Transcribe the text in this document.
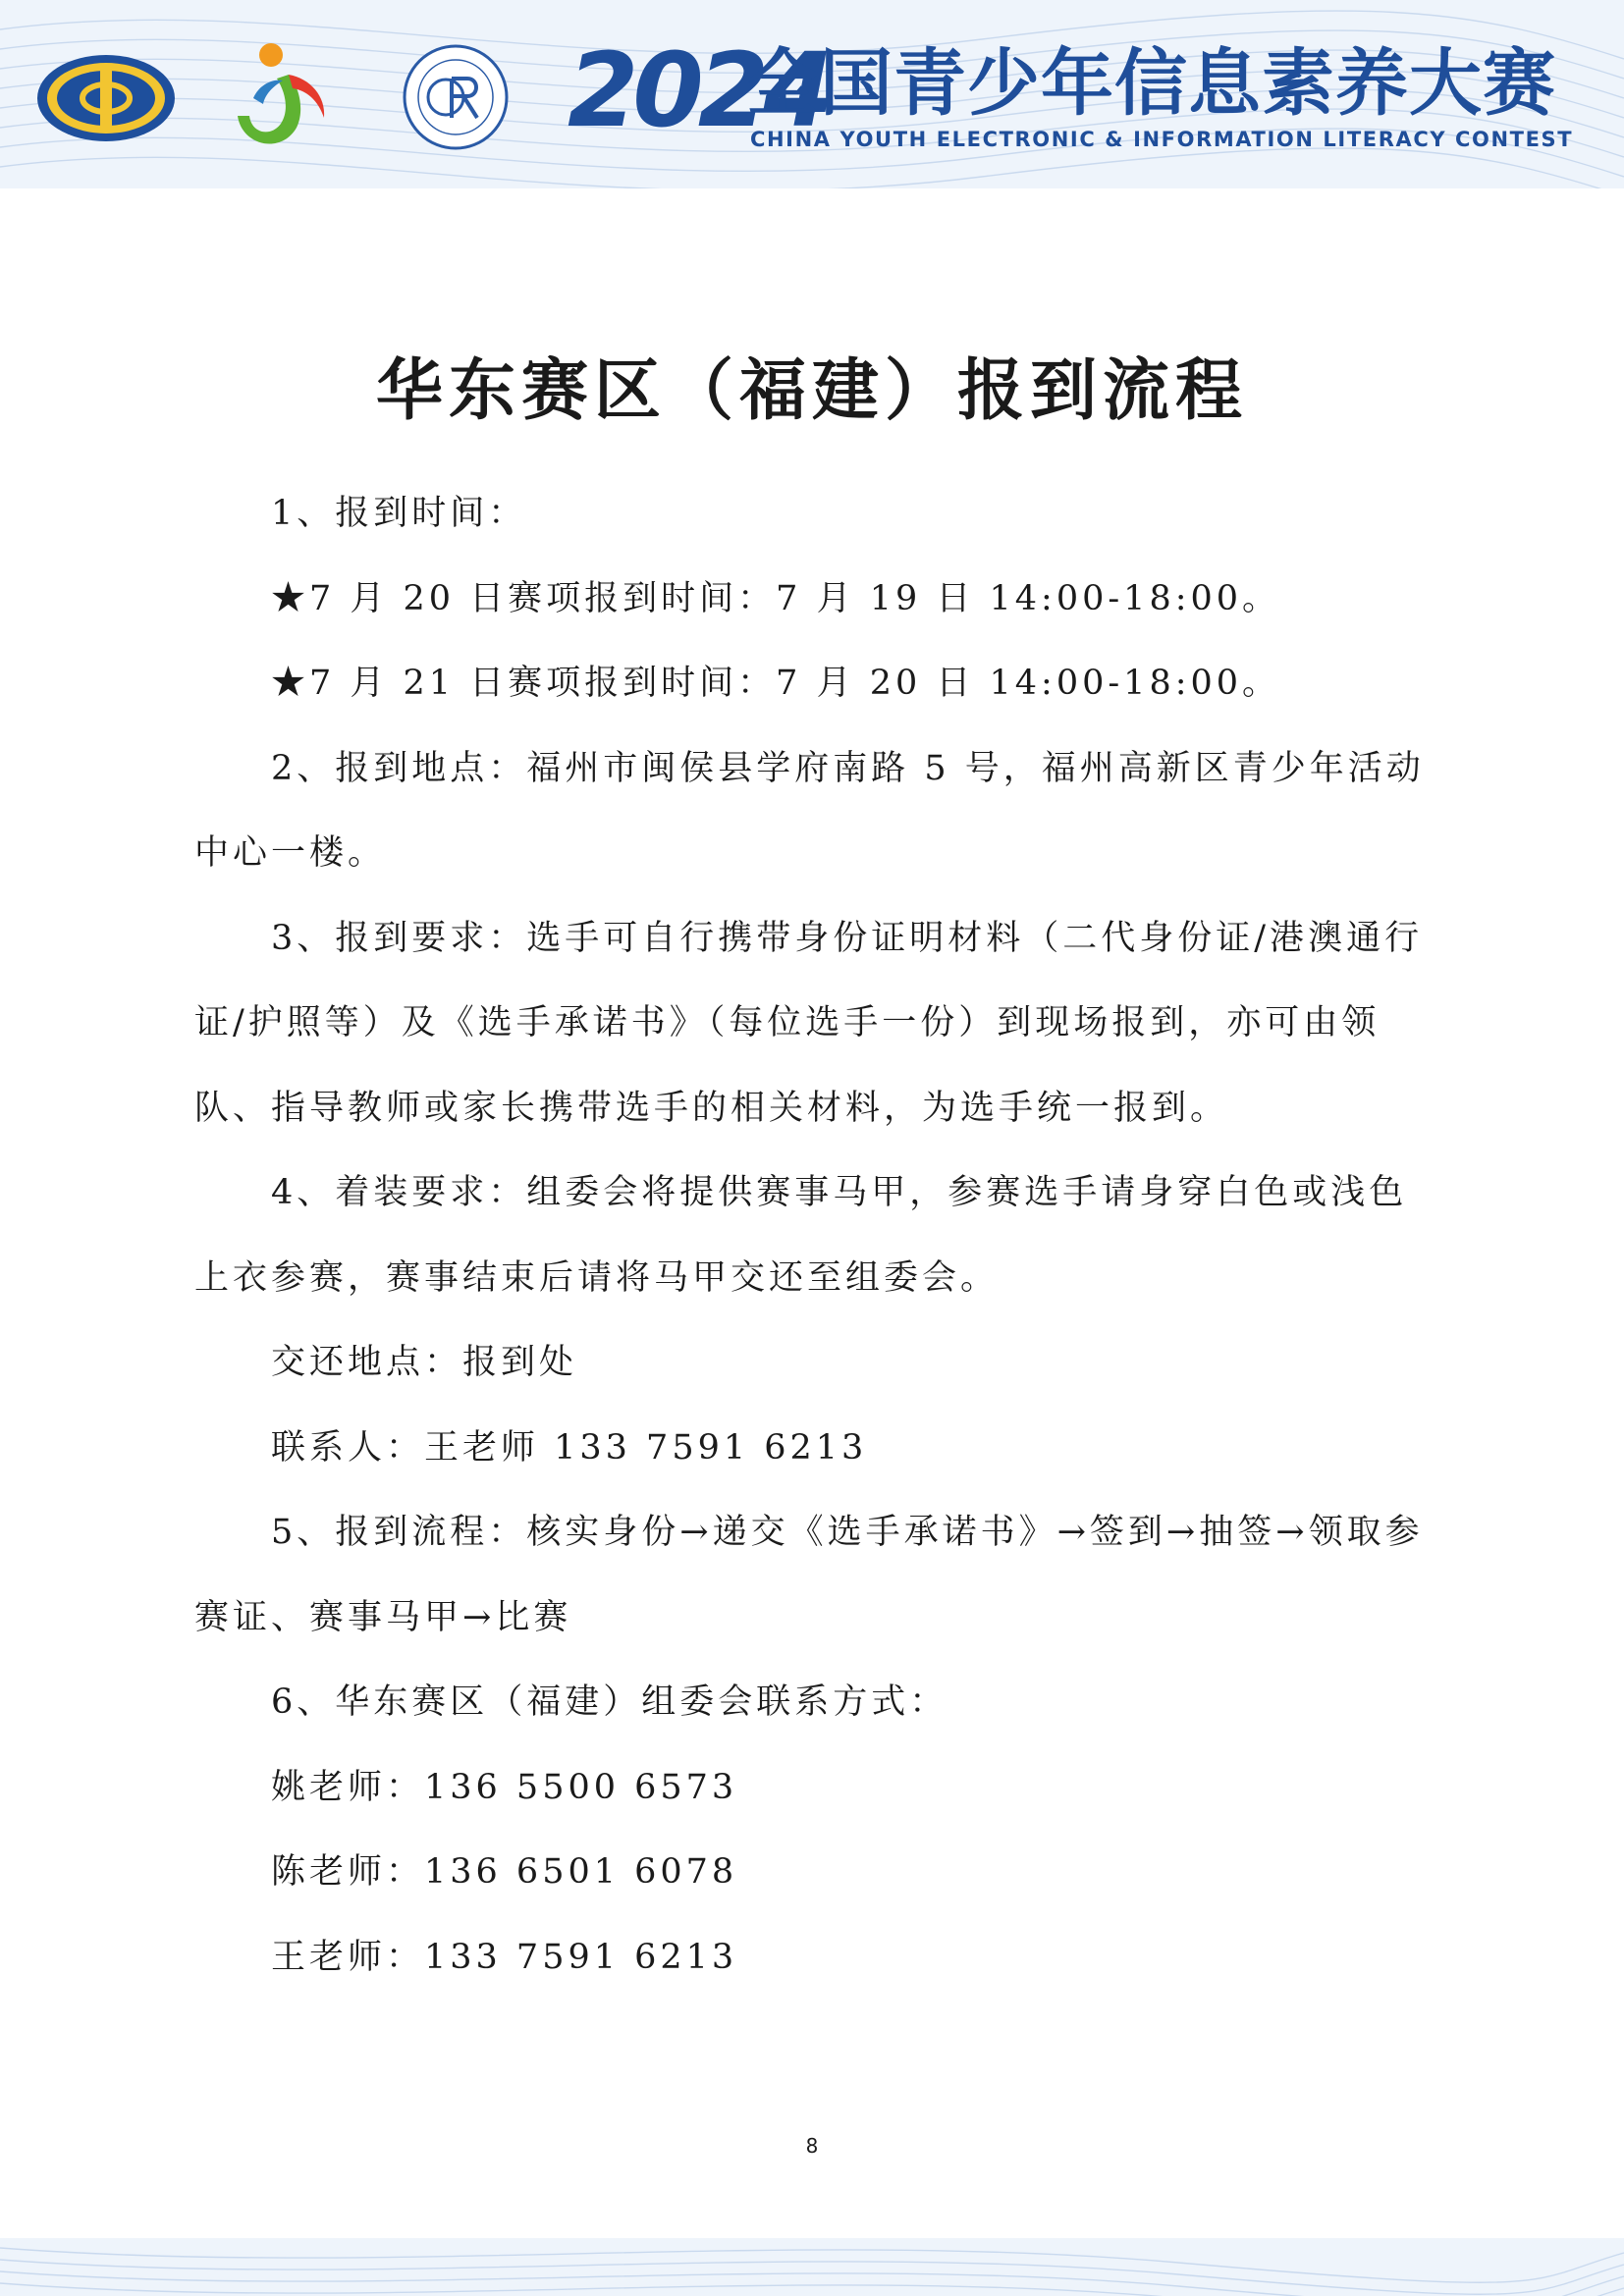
2024
全国青少年信息素养大赛
CHINA YOUTH ELECTRONIC & INFORMATION LITERACY CONTEST
华东赛区（福建）报到流程

1、报到时间：

★7 月 20 日赛项报到时间：7 月 19 日 14:00-18:00。

★7 月 21 日赛项报到时间：7 月 20 日 14:00-18:00。

2、报到地点：福州市闽侯县学府南路 5 号，福州高新区青少年活动中心一楼。

3、报到要求：选手可自行携带身份证明材料（二代身份证/港澳通行证/护照等）及《选手承诺书》（每位选手一份）到现场报到，亦可由领队、指导教师或家长携带选手的相关材料，为选手统一报到。

4、着装要求：组委会将提供赛事马甲，参赛选手请身穿白色或浅色上衣参赛，赛事结束后请将马甲交还至组委会。

交还地点：报到处

联系人：王老师 133 7591 6213

5、报到流程：核实身份→递交《选手承诺书》→签到→抽签→领取参赛证、赛事马甲→比赛

6、华东赛区（福建）组委会联系方式：

姚老师：136 5500 6573

陈老师：136 6501 6078

王老师：133 7591 6213

8
